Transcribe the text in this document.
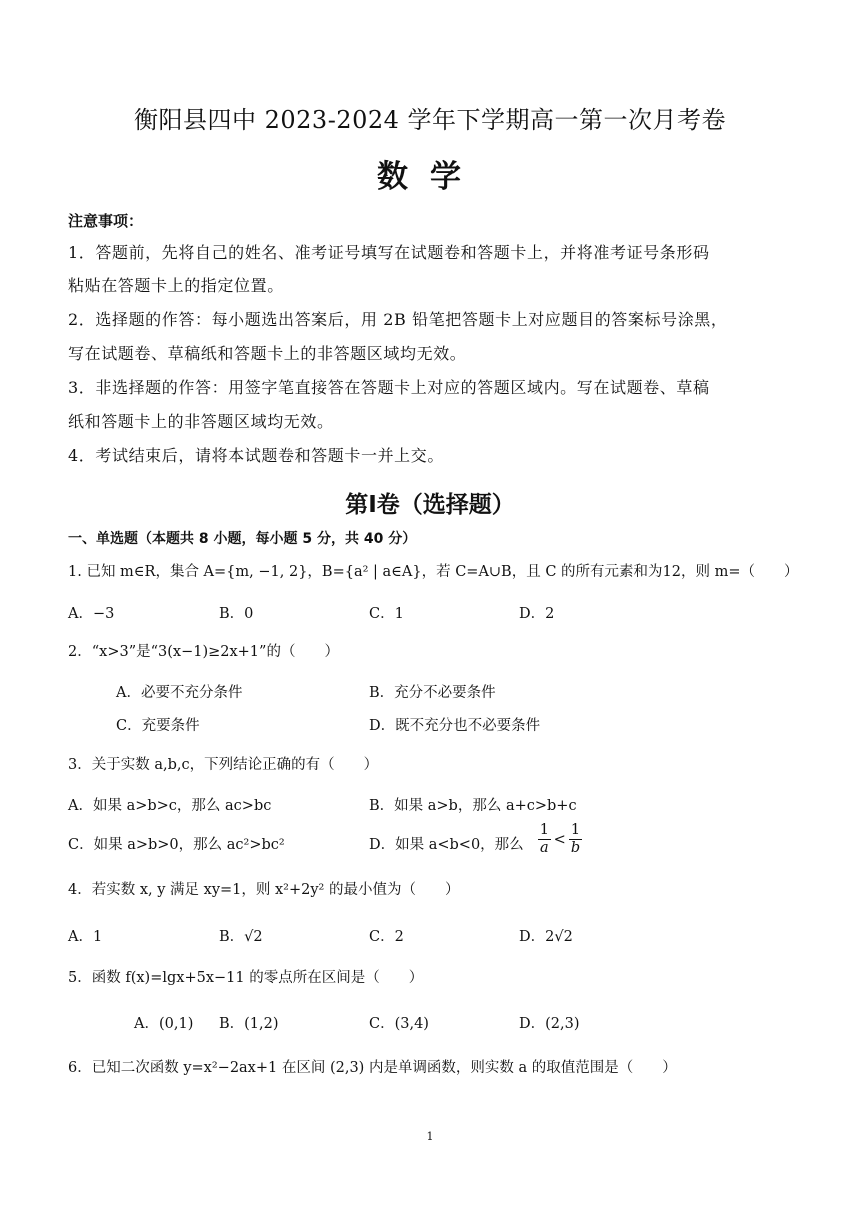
衡阳县四中 2023-2024 学年下学期高一第一次月考卷
数学
注意事项：
1．答题前，先将自己的姓名、准考证号填写在试题卷和答题卡上，并将准考证号条形码
粘贴在答题卡上的指定位置。
2．选择题的作答：每小题选出答案后，用 2B 铅笔把答题卡上对应题目的答案标号涂黑，
写在试题卷、草稿纸和答题卡上的非答题区域均无效。
3．非选择题的作答：用签字笔直接答在答题卡上对应的答题区域内。写在试题卷、草稿
纸和答题卡上的非答题区域均无效。
4．考试结束后，请将本试题卷和答题卡一并上交。
第Ⅰ卷（选择题）
一、单选题（本题共 8 小题，每小题 5 分，共 40 分）
1. 已知 m∈R，集合 A={m, −1, 2}，B={a² | a∈A}，若 C=A∪B，且 C 的所有元素和为12，则 m=（　　）
A．−3	B．0	C．1	D．2
2．“x>3”是“3(x−1)≥2x+1”的（　　）
A．必要不充分条件	B．充分不必要条件
C．充要条件	D．既不充分也不必要条件
3．关于实数 a,b,c，下列结论正确的有（　　）
A．如果 a>b>c，那么 ac>bc	B．如果 a>b，那么 a+c>b+c
C．如果 a>b>0，那么 ac²>bc²	D．如果 a<b<0，那么 $\frac{1}{a} < \frac{1}{b}$
4．若实数 x, y 满足 xy=1，则 x²+2y² 的最小值为（　　）
A．1	B．√2	C．2	D．2√2
5．函数 f(x)=lgx+5x−11 的零点所在区间是（　　）
A．(0,1) B．(1,2)	C．(3,4)	D．(2,3)
6．已知二次函数 y=x²−2ax+1 在区间 (2,3) 内是单调函数，则实数 a 的取值范围是（　　）
1
